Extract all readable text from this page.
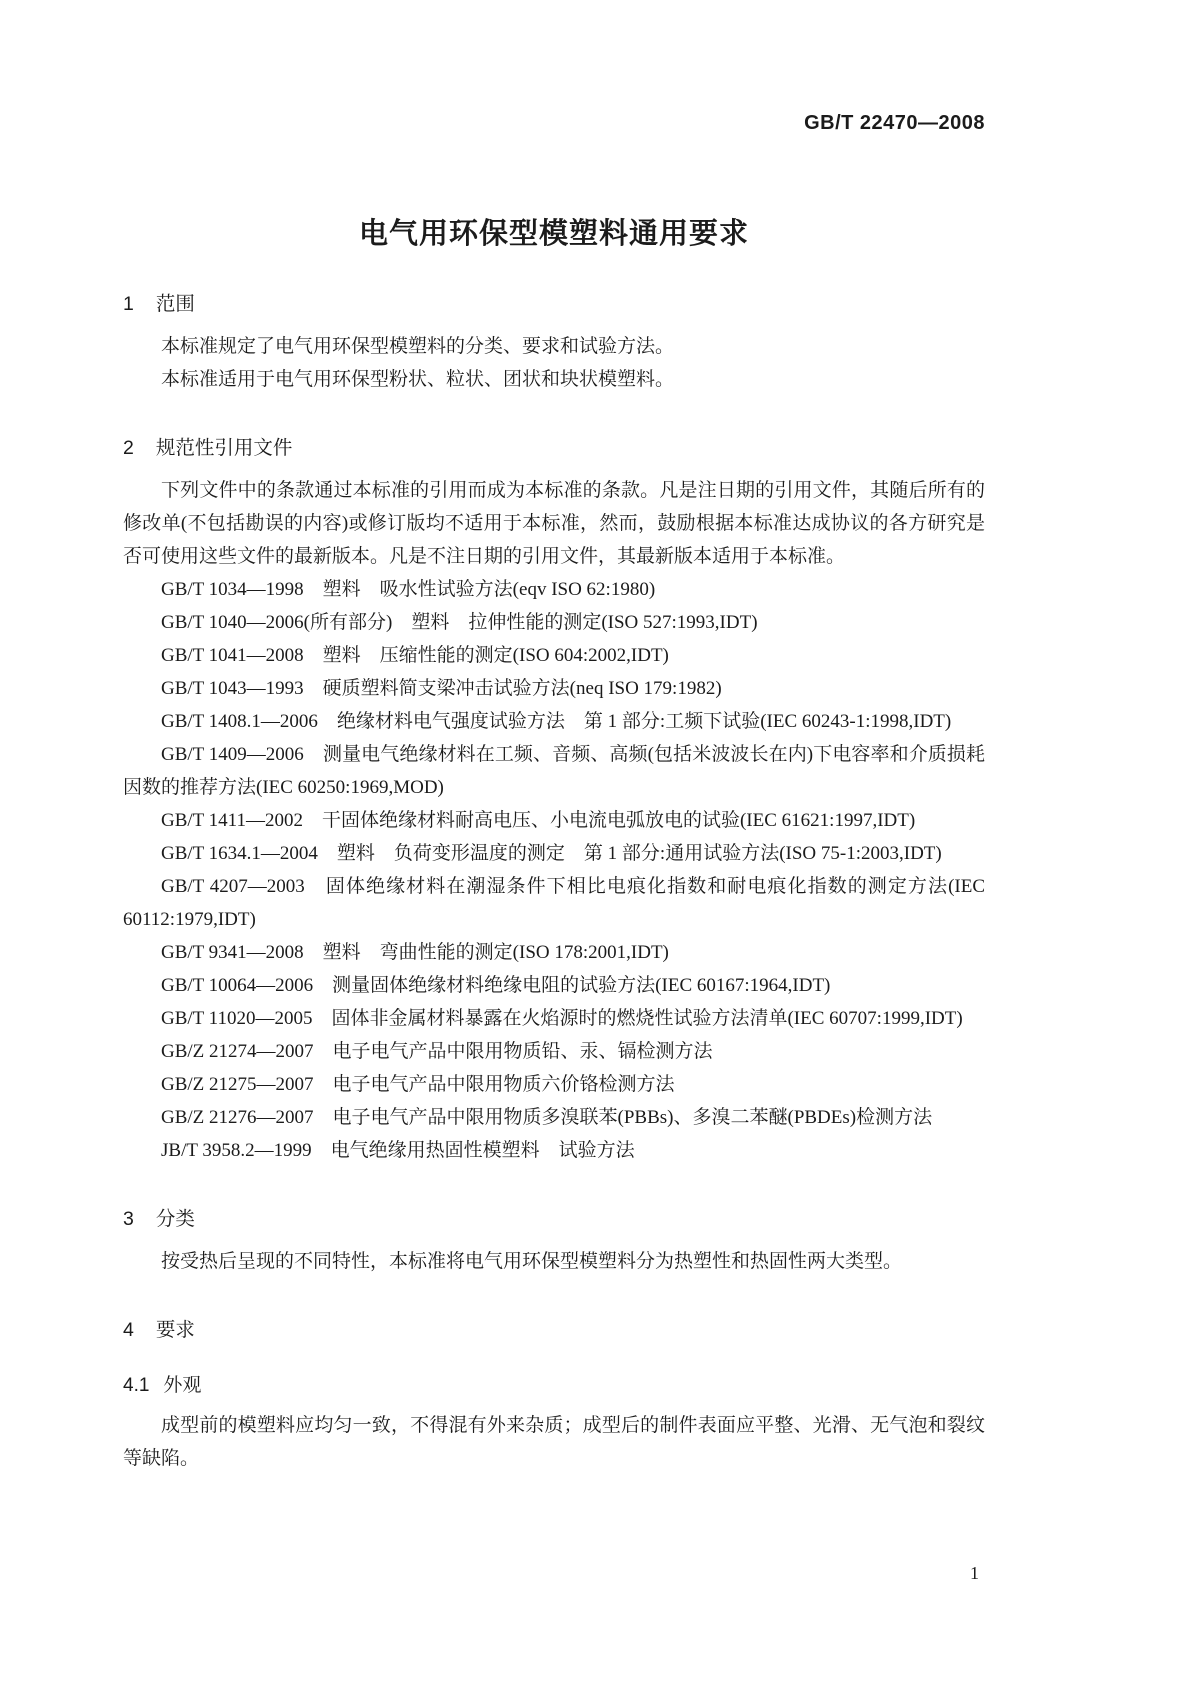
GB/T 22470—2008
电气用环保型模塑料通用要求
1 范围

本标准规定了电气用环保型模塑料的分类、要求和试验方法。

本标准适用于电气用环保型粉状、粒状、团状和块状模塑料。

2 规范性引用文件

下列文件中的条款通过本标准的引用而成为本标准的条款。凡是注日期的引用文件，其随后所有的修改单(不包括勘误的内容)或修订版均不适用于本标准，然而，鼓励根据本标准达成协议的各方研究是否可使用这些文件的最新版本。凡是不注日期的引用文件，其最新版本适用于本标准。

GB/T 1034—1998　塑料　吸水性试验方法(eqv ISO 62:1980)

GB/T 1040—2006(所有部分)　塑料　拉伸性能的测定(ISO 527:1993,IDT)

GB/T 1041—2008　塑料　压缩性能的测定(ISO 604:2002,IDT)

GB/T 1043—1993　硬质塑料简支梁冲击试验方法(neq ISO 179:1982)

GB/T 1408.1—2006　绝缘材料电气强度试验方法　第 1 部分:工频下试验(IEC 60243-1:1998,IDT)

GB/T 1409—2006　测量电气绝缘材料在工频、音频、高频(包括米波波长在内)下电容率和介质损耗因数的推荐方法(IEC 60250:1969,MOD)

GB/T 1411—2002　干固体绝缘材料耐高电压、小电流电弧放电的试验(IEC 61621:1997,IDT)

GB/T 1634.1—2004　塑料　负荷变形温度的测定　第 1 部分:通用试验方法(ISO 75-1:2003,IDT)

GB/T 4207—2003　固体绝缘材料在潮湿条件下相比电痕化指数和耐电痕化指数的测定方法(IEC 60112:1979,IDT)

GB/T 9341—2008　塑料　弯曲性能的测定(ISO 178:2001,IDT)

GB/T 10064—2006　测量固体绝缘材料绝缘电阻的试验方法(IEC 60167:1964,IDT)

GB/T 11020—2005　固体非金属材料暴露在火焰源时的燃烧性试验方法清单(IEC 60707:1999,IDT)

GB/Z 21274—2007　电子电气产品中限用物质铅、汞、镉检测方法

GB/Z 21275—2007　电子电气产品中限用物质六价铬检测方法

GB/Z 21276—2007　电子电气产品中限用物质多溴联苯(PBBs)、多溴二苯醚(PBDEs)检测方法

JB/T 3958.2—1999　电气绝缘用热固性模塑料　试验方法

3 分类

按受热后呈现的不同特性，本标准将电气用环保型模塑料分为热塑性和热固性两大类型。

4 要求
4.1 外观

成型前的模塑料应均匀一致，不得混有外来杂质；成型后的制件表面应平整、光滑、无气泡和裂纹等缺陷。

1
